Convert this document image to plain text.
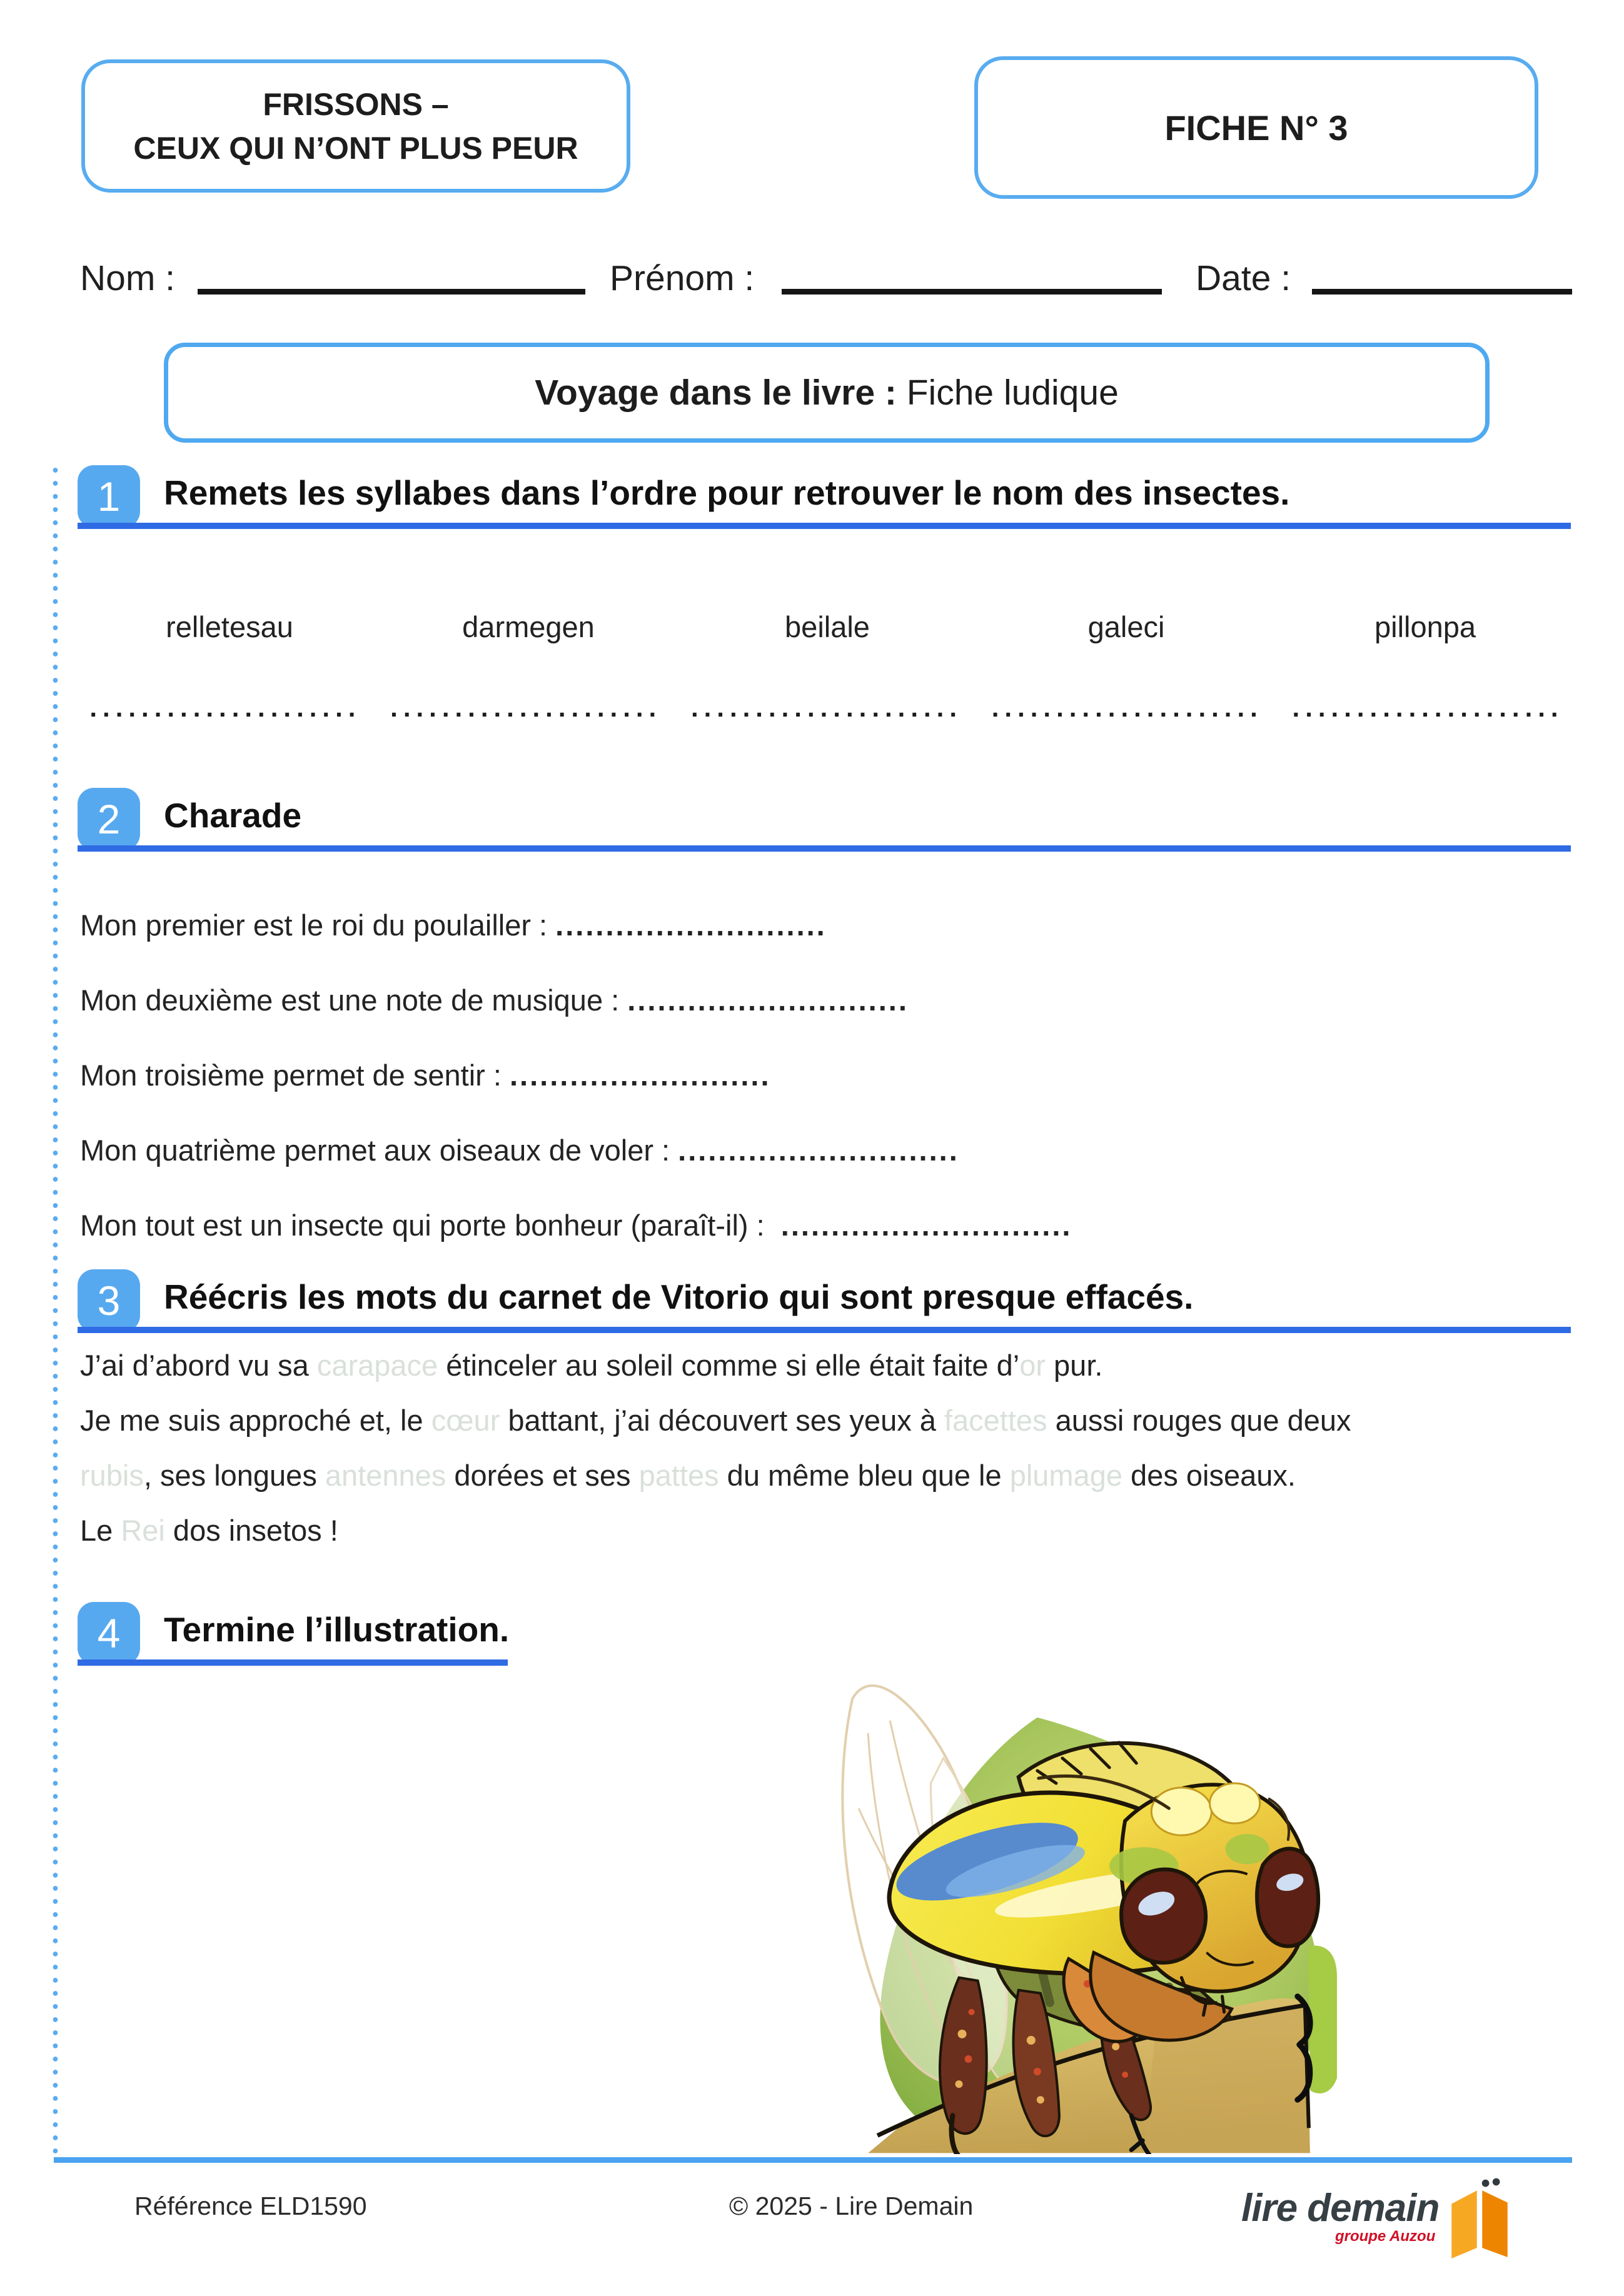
FRISSONS –
CEUX QUI N’ONT PLUS PEUR
FICHE N° 3
Nom :	Prénom :	Date :
Voyage dans le livre : Fiche ludique
1 Remets les syllabes dans l’ordre pour retrouver le nom des insectes.
relletesau	darmegen	beilale	galeci	pillonpa
.....................	.....................	.....................	.....................	.....................
2 Charade
Mon premier est le roi du poulailler : ...........................
Mon deuxième est une note de musique : ............................
Mon troisième permet de sentir : ..........................
Mon quatrième permet aux oiseaux de voler : ............................
Mon tout est un insecte qui porte bonheur (paraît-il) :  .............................
3 Réécris les mots du carnet de Vitorio qui sont presque effacés.
J’ai d’abord vu sa carapace étinceler au soleil comme si elle était faite d’or pur.
Je me suis approché et, le cœur battant, j’ai découvert ses yeux à facettes aussi rouges que deux
rubis, ses longues antennes dorées et ses pattes du même bleu que le plumage des oiseaux.
Le Rei dos insetos !
4 Termine l’illustration.
Référence ELD1590	© 2025 - Lire Demain	lire demain
groupe Auzou
